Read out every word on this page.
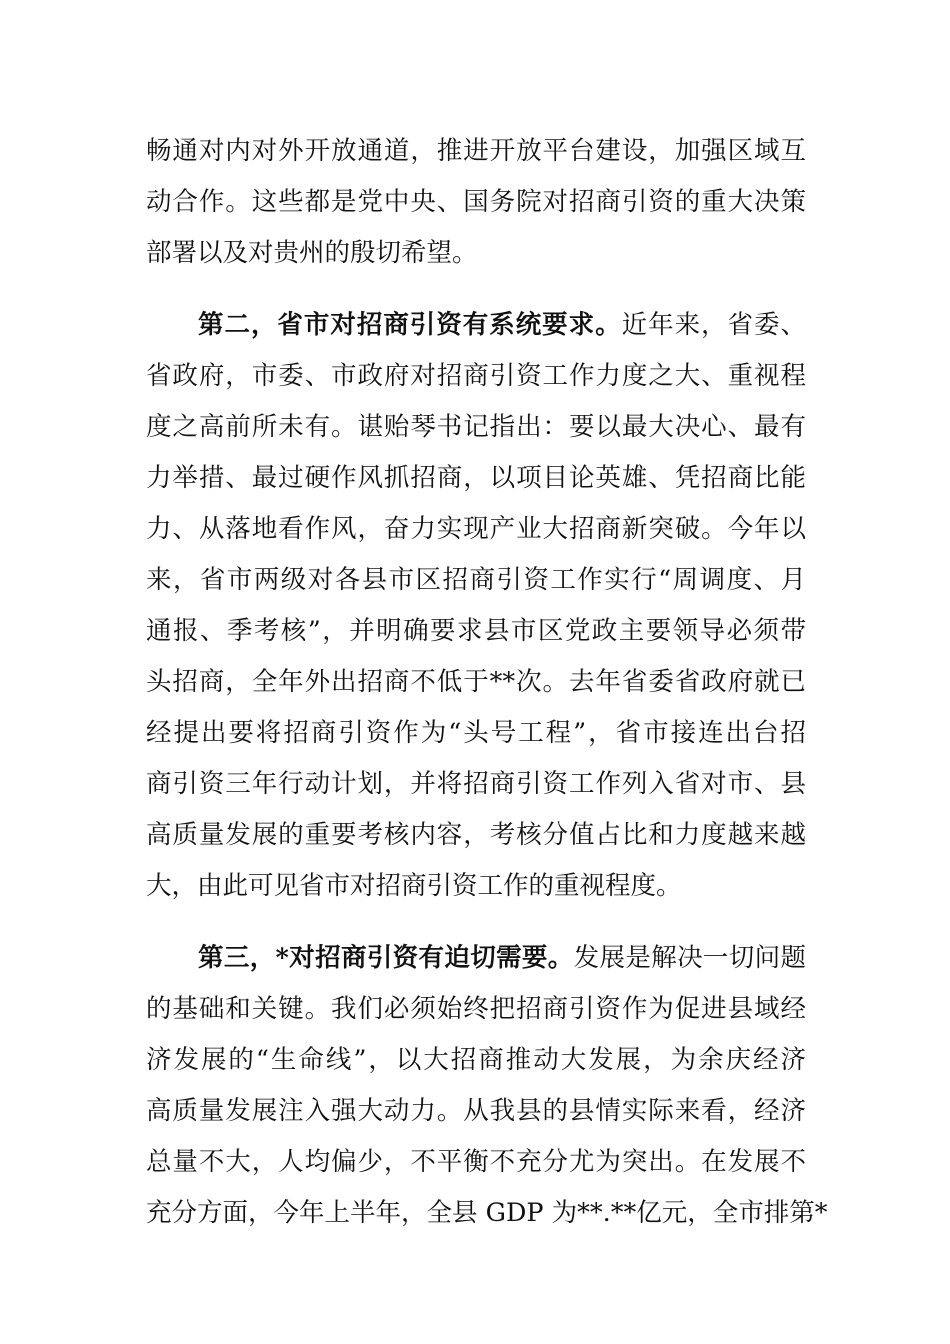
畅通对内对外开放通道，推进开放平台建设，加强区域互
动合作。这些都是党中央、国务院对招商引资的重大决策
部署以及对贵州的殷切希望。
第二，省市对招商引资有系统要求。近年来，省委、
省政府，市委、市政府对招商引资工作力度之大、重视程
度之高前所未有。谌贻琴书记指出：要以最大决心、最有
力举措、最过硬作风抓招商，以项目论英雄、凭招商比能
力、从落地看作风，奋力实现产业大招商新突破。今年以
来，省市两级对各县市区招商引资工作实行“周调度、月
通报、季考核”，并明确要求县市区党政主要领导必须带
头招商，全年外出招商不低于**次。去年省委省政府就已
经提出要将招商引资作为“头号工程”，省市接连出台招
商引资三年行动计划，并将招商引资工作列入省对市、县
高质量发展的重要考核内容，考核分值占比和力度越来越
大，由此可见省市对招商引资工作的重视程度。
第三，*对招商引资有迫切需要。发展是解决一切问题
的基础和关键。我们必须始终把招商引资作为促进县域经
济发展的“生命线”，以大招商推动大发展，为余庆经济
高质量发展注入强大动力。从我县的县情实际来看，经济
总量不大，人均偏少，不平衡不充分尤为突出。在发展不
充分方面，今年上半年，全县 GDP 为**.**亿元，全市排第*
